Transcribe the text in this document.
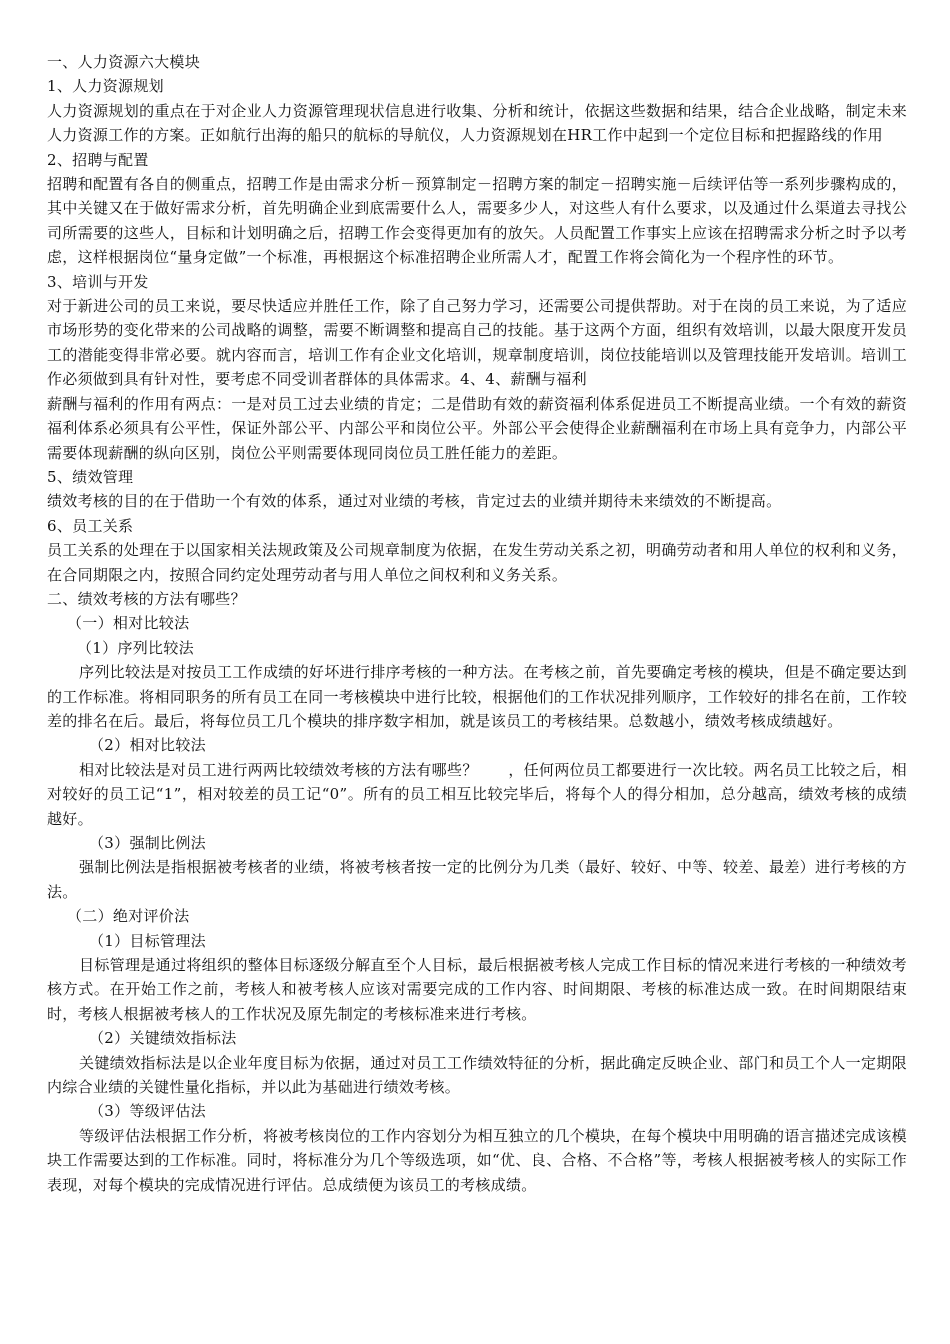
一、人力资源六大模块

1、人力资源规划

人力资源规划的重点在于对企业人力资源管理现状信息进行收集、分析和统计，依据这些数据和结果，结合企业战略，制定未来人力资源工作的方案。正如航行出海的船只的航标的导航仪，人力资源规划在HR工作中起到一个定位目标和把握路线的作用

2、招聘与配置

招聘和配置有各自的侧重点，招聘工作是由需求分析－预算制定－招聘方案的制定－招聘实施－后续评估等一系列步骤构成的，其中关键又在于做好需求分析，首先明确企业到底需要什么人，需要多少人，对这些人有什么要求，以及通过什么渠道去寻找公司所需要的这些人，目标和计划明确之后，招聘工作会变得更加有的放矢。人员配置工作事实上应该在招聘需求分析之时予以考虑，这样根据岗位“量身定做”一个标准，再根据这个标准招聘企业所需人才，配置工作将会简化为一个程序性的环节。

3、培训与开发

对于新进公司的员工来说，要尽快适应并胜任工作，除了自己努力学习，还需要公司提供帮助。对于在岗的员工来说，为了适应市场形势的变化带来的公司战略的调整，需要不断调整和提高自己的技能。基于这两个方面，组织有效培训，以最大限度开发员工的潜能变得非常必要。就内容而言，培训工作有企业文化培训，规章制度培训，岗位技能培训以及管理技能开发培训。培训工作必须做到具有针对性，要考虑不同受训者群体的具体需求。4、4、薪酬与福利

薪酬与福利的作用有两点：一是对员工过去业绩的肯定；二是借助有效的薪资福利体系促进员工不断提高业绩。一个有效的薪资福利体系必须具有公平性，保证外部公平、内部公平和岗位公平。外部公平会使得企业薪酬福利在市场上具有竞争力，内部公平需要体现薪酬的纵向区别，岗位公平则需要体现同岗位员工胜任能力的差距。

5、绩效管理

绩效考核的目的在于借助一个有效的体系，通过对业绩的考核，肯定过去的业绩并期待未来绩效的不断提高。

6、员工关系

员工关系的处理在于以国家相关法规政策及公司规章制度为依据，在发生劳动关系之初，明确劳动者和用人单位的权利和义务，在合同期限之内，按照合同约定处理劳动者与用人单位之间权利和义务关系。

二、绩效考核的方法有哪些？

（一）相对比较法

（1）序列比较法

序列比较法是对按员工工作成绩的好坏进行排序考核的一种方法。在考核之前，首先要确定考核的模块，但是不确定要达到的工作标准。将相同职务的所有员工在同一考核模块中进行比较，根据他们的工作状况排列顺序，工作较好的排名在前，工作较差的排名在后。最后，将每位员工几个模块的排序数字相加，就是该员工的考核结果。总数越小，绩效考核成绩越好。

（2）相对比较法

相对比较法是对员工进行两两比较绩效考核的方法有哪些？　　，任何两位员工都要进行一次比较。两名员工比较之后，相对较好的员工记“1”，相对较差的员工记“0”。所有的员工相互比较完毕后，将每个人的得分相加，总分越高，绩效考核的成绩越好。

（3）强制比例法

强制比例法是指根据被考核者的业绩，将被考核者按一定的比例分为几类（最好、较好、中等、较差、最差）进行考核的方法。

（二）绝对评价法

（1）目标管理法

目标管理是通过将组织的整体目标逐级分解直至个人目标，最后根据被考核人完成工作目标的情况来进行考核的一种绩效考核方式。在开始工作之前，考核人和被考核人应该对需要完成的工作内容、时间期限、考核的标准达成一致。在时间期限结束时，考核人根据被考核人的工作状况及原先制定的考核标准来进行考核。

（2）关键绩效指标法

关键绩效指标法是以企业年度目标为依据，通过对员工工作绩效特征的分析，据此确定反映企业、部门和员工个人一定期限内综合业绩的关键性量化指标，并以此为基础进行绩效考核。

（3）等级评估法

等级评估法根据工作分析，将被考核岗位的工作内容划分为相互独立的几个模块，在每个模块中用明确的语言描述完成该模块工作需要达到的工作标准。同时，将标准分为几个等级选项，如“优、良、合格、不合格”等，考核人根据被考核人的实际工作表现，对每个模块的完成情况进行评估。总成绩便为该员工的考核成绩。
